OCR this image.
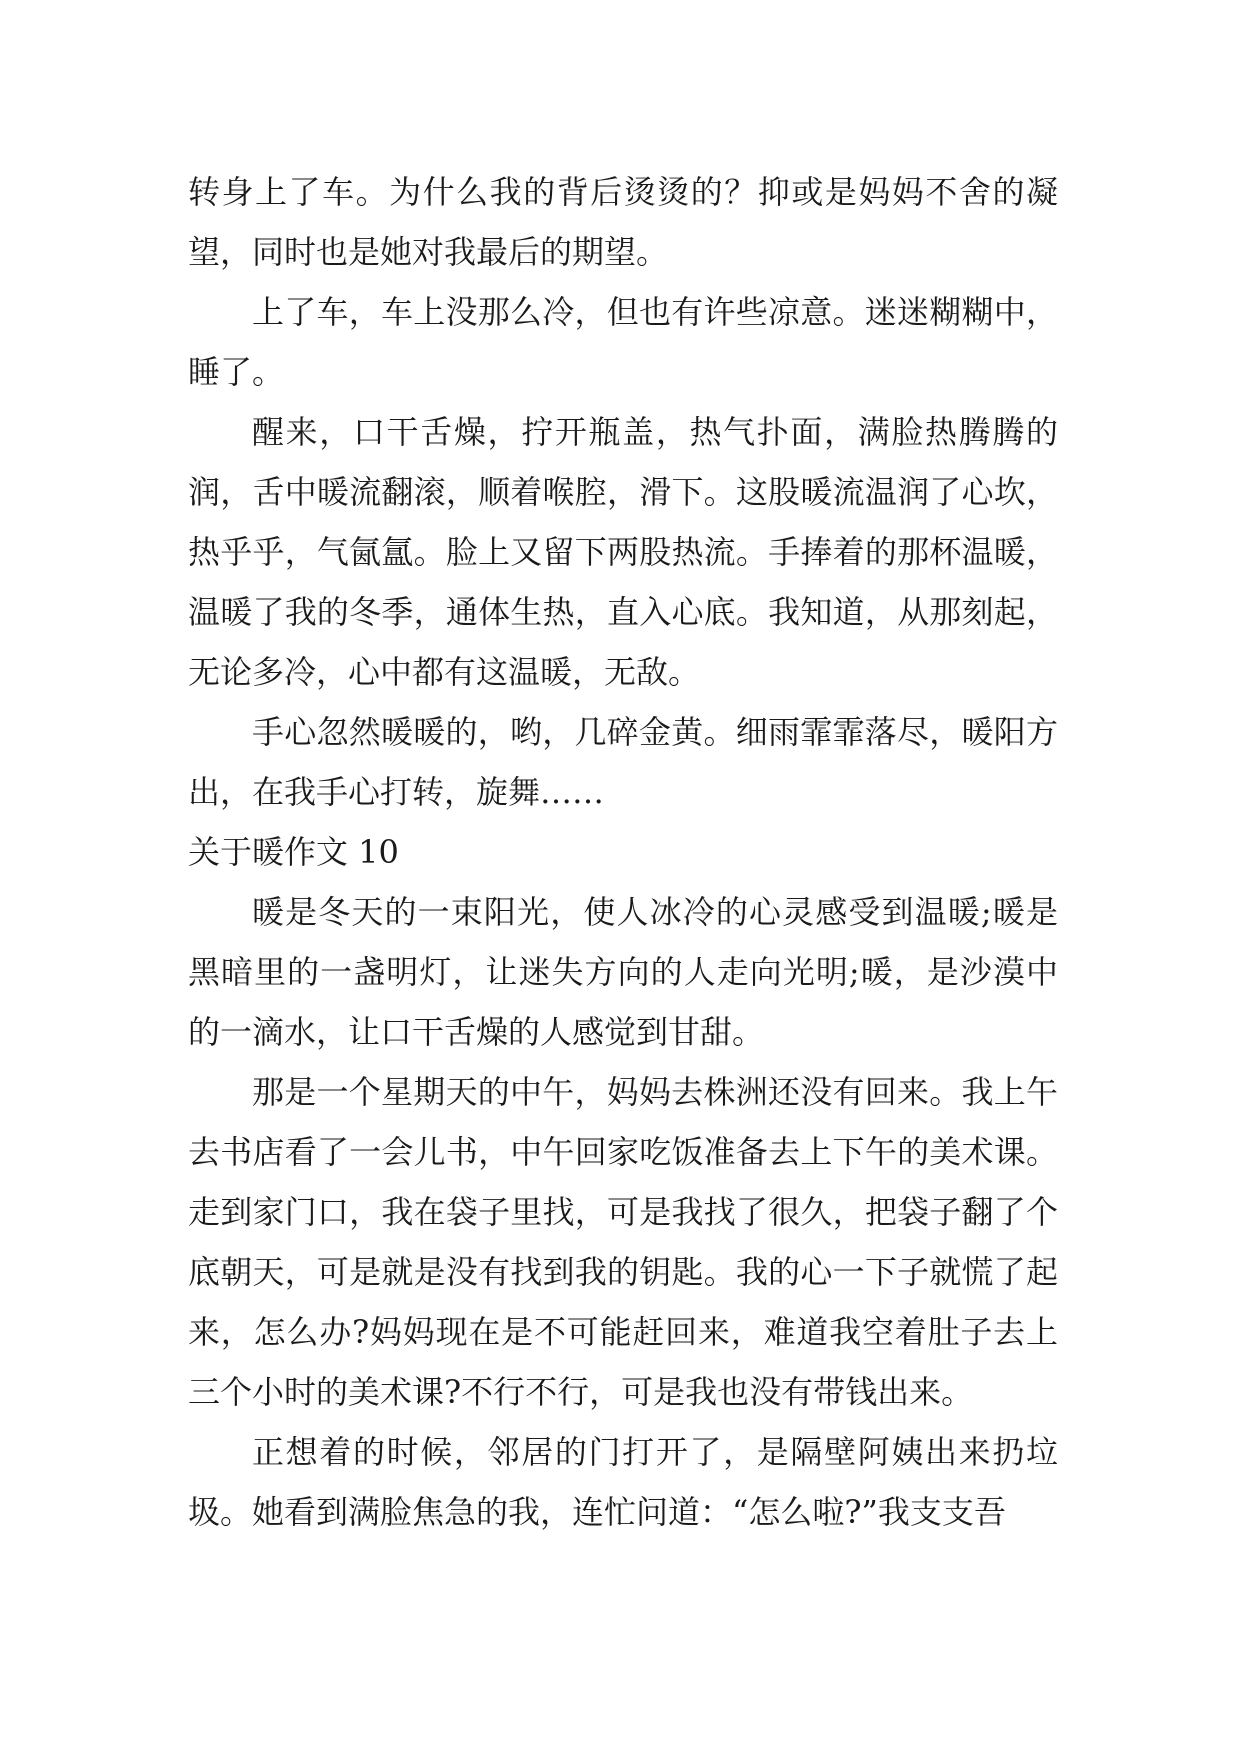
转身上了车。为什么我的背后烫烫的？抑或是妈妈不舍的凝望，同时也是她对我最后的期望。

上了车，车上没那么冷，但也有许些凉意。迷迷糊糊中，睡了。

醒来，口干舌燥，拧开瓶盖，热气扑面，满脸热腾腾的润，舌中暖流翻滚，顺着喉腔，滑下。这股暖流温润了心坎，热乎乎，气氤氲。脸上又留下两股热流。手捧着的那杯温暖，温暖了我的冬季，通体生热，直入心底。我知道，从那刻起，无论多冷，心中都有这温暖，无敌。

手心忽然暖暖的，哟，几碎金黄。细雨霏霏落尽，暖阳方出，在我手心打转，旋舞……

关于暖作文 10

暖是冬天的一束阳光，使人冰冷的心灵感受到温暖;暖是黑暗里的一盏明灯，让迷失方向的人走向光明;暖，是沙漠中的一滴水，让口干舌燥的人感觉到甘甜。

那是一个星期天的中午，妈妈去株洲还没有回来。我上午去书店看了一会儿书，中午回家吃饭准备去上下午的美术课。走到家门口，我在袋子里找，可是我找了很久，把袋子翻了个底朝天，可是就是没有找到我的钥匙。我的心一下子就慌了起来，怎么办?妈妈现在是不可能赶回来，难道我空着肚子去上三个小时的美术课?不行不行，可是我也没有带钱出来。

正想着的时候，邻居的门打开了，是隔壁阿姨出来扔垃圾。她看到满脸焦急的我，连忙问道：“怎么啦?”我支支吾
